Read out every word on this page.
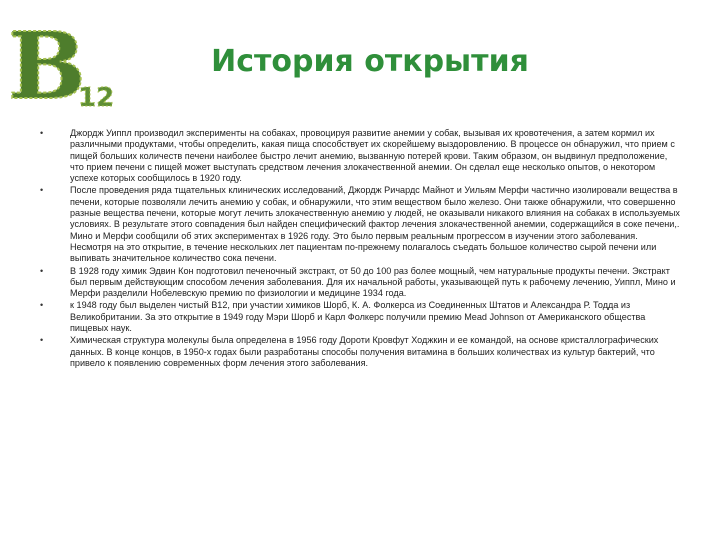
B
12
История открытия
•	Джордж Уиппл производил эксперименты на собаках, провоцируя развитие анемии у собак, вызывая их кровотечения, а затем кормил их различными продуктами, чтобы определить, какая пища способствует их скорейшему выздоровлению. В процессе он обнаружил, что прием с пищей больших количеств печени наиболее быстро лечит анемию, вызванную потерей крови. Таким образом, он выдвинул предположение, что прием печени с пищей может выступать средством лечения злокачественной анемии. Он сделал еще несколько опытов, о некотором успехе которых сообщилось в 1920 году.
•	После проведения ряда тщательных клинических исследований, Джордж Ричардс Майнот и Уильям Мерфи частично изолировали вещества в печени, которые позволяли лечить анемию у собак, и обнаружили, что этим веществом было железо. Они также обнаружили, что совершенно разные вещества печени, которые могут лечить злокачественную анемию у людей, не оказывали никакого влияния на собаках в используемых условиях. В результате этого совпадения был найден специфический фактор лечения злокачественной анемии, содержащийся в соке печени,. Мино и Мерфи сообщили об этих экспериментах в 1926 году. Это было первым реальным прогрессом в изучении этого заболевания. Несмотря на это открытие, в течение нескольких лет пациентам по-прежнему полагалось съедать большое количество сырой печени или выпивать значительное количество сока печени.
•	В 1928 году химик Эдвин Кон подготовил печеночный экстракт, от 50 до 100 раз более мощный, чем натуральные продукты печени. Экстракт был первым действующим способом лечения заболевания. Для их начальной работы, указывающей путь к рабочему лечению, Уиппл, Мино и Мерфи разделили Нобелевскую премию по физиологии и медицине 1934 года.
•	к 1948 году был выделен чистый B12, при участии химиков Шорб, К. А. Фолкерса из Соединенных Штатов и Александра Р. Тодда из Великобритании. За это открытие в 1949 году Мэри Шорб и Карл Фолкерс получили премию Mead Johnson от Американского общества пищевых наук.
•	Химическая структура молекулы была определена в 1956 году Дороти Кровфут Ходжкин и ее командой, на основе кристаллографических данных. В конце концов, в 1950-х годах были разработаны способы получения витамина в больших количествах из культур бактерий, что привело к появлению современных форм лечения этого заболевания.
